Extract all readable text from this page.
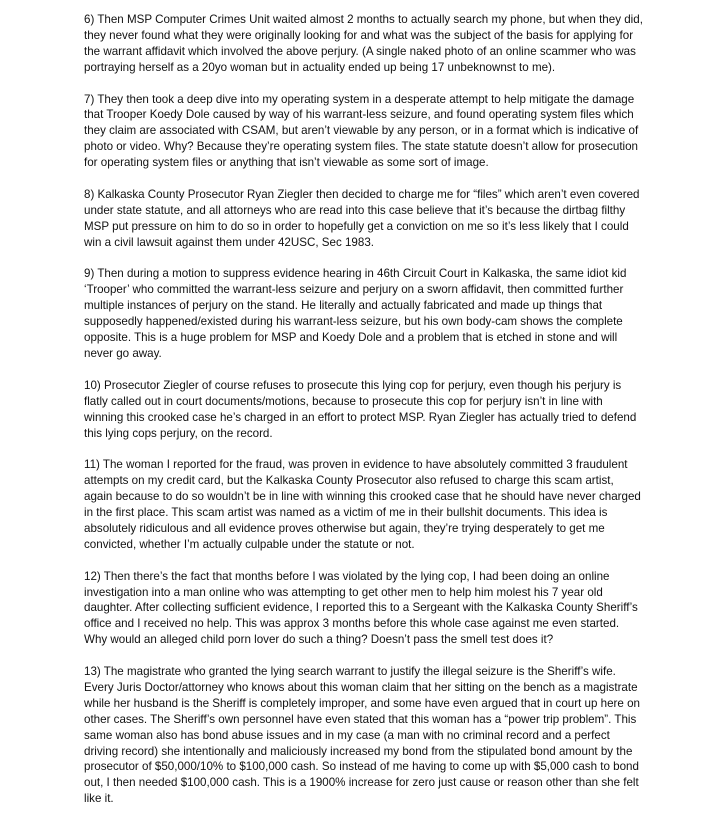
6) Then MSP Computer Crimes Unit waited almost 2 months to actually search my phone, but when they did, they never found what they were originally looking for and what was the subject of the basis for applying for the warrant affidavit which involved the above perjury. (A single naked photo of an online scammer who was portraying herself as a 20yo woman but in actuality ended up being 17 unbeknownst to me).

7) They then took a deep dive into my operating system in a desperate attempt to help mitigate the damage that Trooper Koedy Dole caused by way of his warrant-less seizure, and found operating system files which they claim are associated with CSAM, but aren’t viewable by any person, or in a format which is indicative of photo or video. Why? Because they’re operating system files. The state statute doesn’t allow for prosecution for operating system files or anything that isn’t viewable as some sort of image.

8) Kalkaska County Prosecutor Ryan Ziegler then decided to charge me for “files” which aren’t even covered under state statute, and all attorneys who are read into this case believe that it’s because the dirtbag filthy MSP put pressure on him to do so in order to hopefully get a conviction on me so it’s less likely that I could win a civil lawsuit against them under 42USC, Sec 1983.

9) Then during a motion to suppress evidence hearing in 46th Circuit Court in Kalkaska, the same idiot kid ‘Trooper’ who committed the warrant-less seizure and perjury on a sworn affidavit, then committed further multiple instances of perjury on the stand. He literally and actually fabricated and made up things that supposedly happened/existed during his warrant-less seizure, but his own body-cam shows the complete opposite. This is a huge problem for MSP and Koedy Dole and a problem that is etched in stone and will never go away.

10) Prosecutor Ziegler of course refuses to prosecute this lying cop for perjury, even though his perjury is flatly called out in court documents/motions, because to prosecute this cop for perjury isn’t in line with winning this crooked case he’s charged in an effort to protect MSP. Ryan Ziegler has actually tried to defend this lying cops perjury, on the record.

11) The woman I reported for the fraud, was proven in evidence to have absolutely committed 3 fraudulent attempts on my credit card, but the Kalkaska County Prosecutor also refused to charge this scam artist, again because to do so wouldn’t be in line with winning this crooked case that he should have never charged in the first place. This scam artist was named as a victim of me in their bullshit documents. This idea is absolutely ridiculous and all evidence proves otherwise but again, they’re trying desperately to get me convicted, whether I’m actually culpable under the statute or not.

12) Then there’s the fact that months before I was violated by the lying cop, I had been doing an online investigation into a man online who was attempting to get other men to help him molest his 7 year old daughter. After collecting sufficient evidence, I reported this to a Sergeant with the Kalkaska County Sheriff’s office and I received no help. This was approx 3 months before this whole case against me even started. Why would an alleged child porn lover do such a thing? Doesn’t pass the smell test does it?

13) The magistrate who granted the lying search warrant to justify the illegal seizure is the Sheriff’s wife. Every Juris Doctor/attorney who knows about this woman claim that her sitting on the bench as a magistrate while her husband is the Sheriff is completely improper, and some have even argued that in court up here on other cases. The Sheriff’s own personnel have even stated that this woman has a “power trip problem”. This same woman also has bond abuse issues and in my case (a man with no criminal record and a perfect driving record) she intentionally and maliciously increased my bond from the stipulated bond amount by the prosecutor of $50,000/10% to $100,000 cash. So instead of me having to come up with $5,000 cash to bond out, I then needed $100,000 cash. This is a 1900% increase for zero just cause or reason other than she felt like it.
